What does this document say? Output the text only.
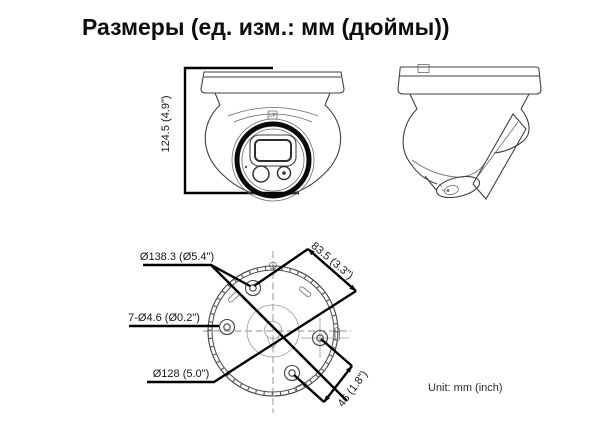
Размеры (ед. изм.: мм (дюймы))
124.5 (4.9")	UP
Ø138.3 (Ø5.4")
7-Ø4.6 (Ø0.2")
Ø128 (5.0")
83.5 (3.3")
46 (1.8")	Unit: mm (inch)
